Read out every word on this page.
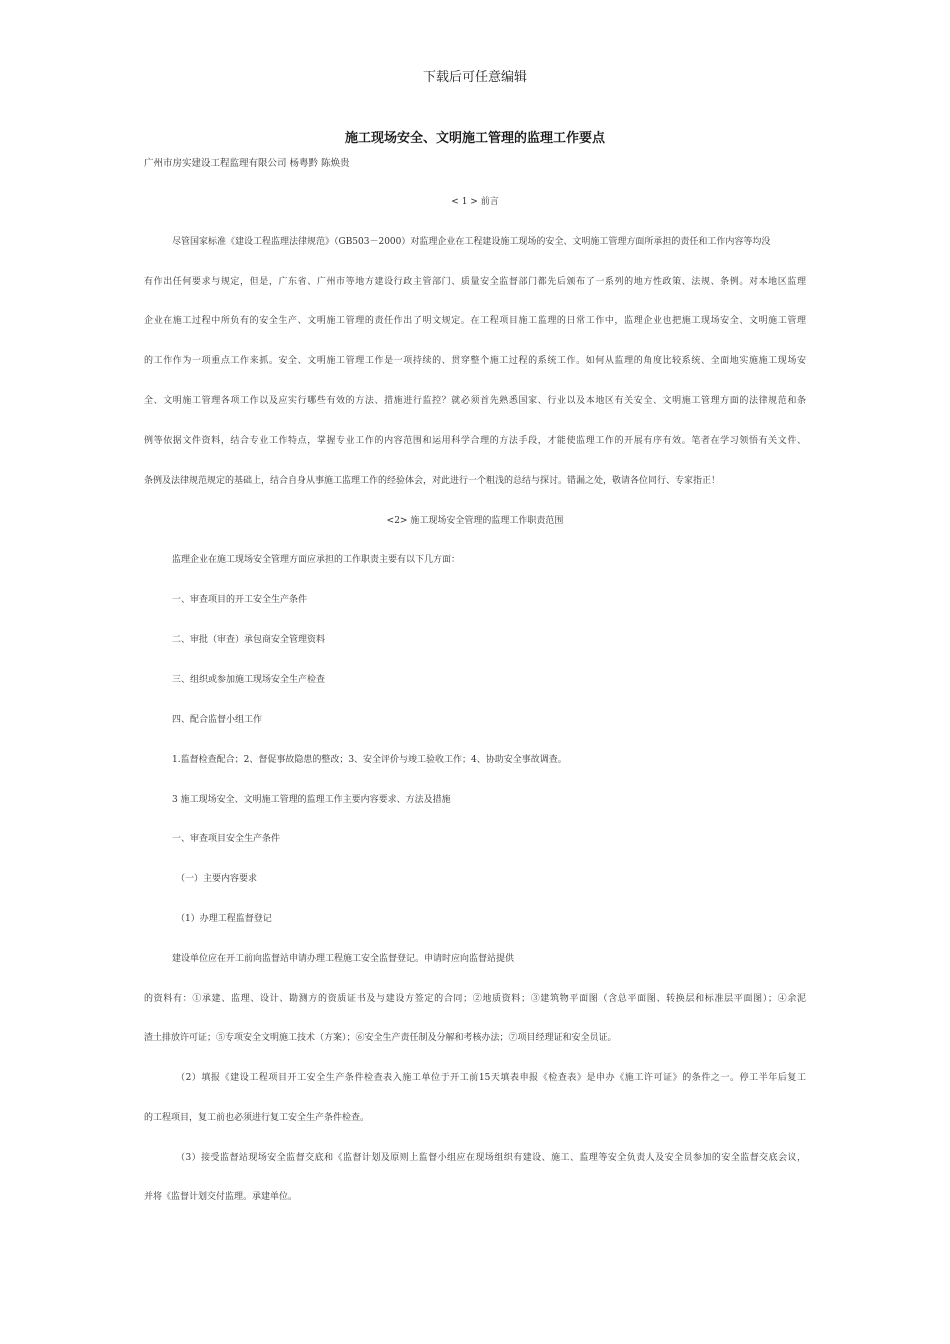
下载后可任意编辑
施工现场安全、文明施工管理的监理工作要点
广州市房实建设工程监理有限公司 杨粤黔 陈焕贵
< 1 > 前言
尽管国家标准《建设工程监理法律规范》（GB503－2000）对监理企业在工程建设施工现场的安全、文明施工管理方面所承担的责任和工作内容等均没
有作出任何要求与规定，但是，广东省、广州市等地方建设行政主管部门、质量安全监督部门都先后颁布了一系列的地方性政策、法规、条例。对本地区监理
企业在施工过程中所负有的安全生产、文明施工管理的责任作出了明文规定。在工程项目施工监理的日常工作中，监理企业也把施工现场安全、文明施工管理
的工作作为一项重点工作来抓。安全、文明施工管理工作是一项持续的、贯穿整个施工过程的系统工作。如何从监理的角度比较系统、全面地实施施工现场安
全、文明施工管理各项工作以及应实行哪些有效的方法、措施进行监控？就必须首先熟悉国家、行业以及本地区有关安全、文明施工管理方面的法律规范和条
例等依据文件资料，结合专业工作特点，掌握专业工作的内容范围和运用科学合理的方法手段，才能使监理工作的开展有序有效。笔者在学习领悟有关文件、
条例及法律规范规定的基础上，结合自身从事施工监理工作的经验体会，对此进行一个粗浅的总结与探讨。错漏之处，敬请各位同行、专家指正！
<2> 施工现场安全管理的监理工作职责范围
监理企业在施工现场安全管理方面应承担的工作职责主要有以下几方面：
一、审查项目的开工安全生产条件
二、审批（审查）承包商安全管理资料
三、组织或参加施工现场安全生产检查
四、配合监督小组工作
1.监督检查配合；2、督促事故隐患的整改；3、安全评价与竣工验收工作；4、协助安全事故调查。
3 施工现场安全、文明施工管理的监理工作主要内容要求、方法及措施
一、审查项目安全生产条件
（一）主要内容要求
（1）办理工程监督登记
建设单位应在开工前向监督站申请办理工程施工安全监督登记。申请时应向监督站提供
的资料有：①承建、监理、设计、勘测方的资质证书及与建设方签定的合同；②地质资料；③建筑物平面图（含总平面图、转换层和标准层平面图）；④余泥
渣土排放许可证；⑤专项安全文明施工技术（方案）；⑥安全生产责任制及分解和考核办法；⑦项目经理证和安全员证。
（2）填报《建设工程项目开工安全生产条件检查表入施工单位于开工前15天填表申报《检查表》是申办《施工许可证》的条件之一。停工半年后复工
的工程项目，复工前也必须进行复工安全生产条件检查。
（3）接受监督站现场安全监督交底和《监督计划及原则上监督小组应在现场组织有建设、施工、监理等安全负责人及安全员参加的安全监督交底会议，
并将《监督计划交付监理。承建单位。
